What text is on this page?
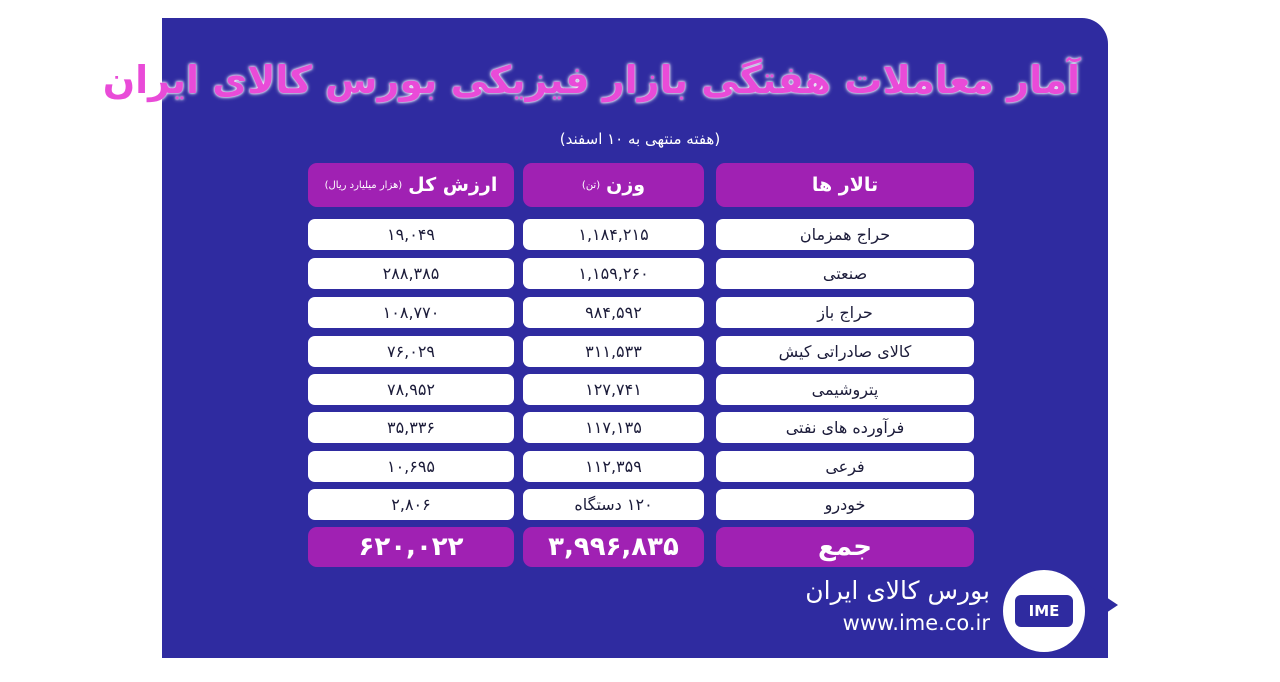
آمار معاملات هفتگی بازار فیزیکی بورس کالای ایران
(هفته منتهی به ۱۰ اسفند)
تالار ها
وزن
(تن)
ارزش کل
(هزار میلیارد ریال)
حراج همزمان
۱,۱۸۴,۲۱۵
۱۹,۰۴۹
صنعتی
۱,۱۵۹,۲۶۰
۲۸۸,۳۸۵
حراج باز
۹۸۴,۵۹۲
۱۰۸,۷۷۰
کالای صادراتی کیش
۳۱۱,۵۳۳
۷۶,۰۲۹
پتروشیمی
۱۲۷,۷۴۱
۷۸,۹۵۲
فرآورده های نفتی
۱۱۷,۱۳۵
۳۵,۳۳۶
فرعی
۱۱۲,۳۵۹
۱۰,۶۹۵
خودرو
۱۲۰ دستگاه
۲,۸۰۶
جمع
۳,۹۹۶,۸۳۵
۶۲۰,۰۲۲
بورس کالای ایران
www.ime.co.ir	IME
